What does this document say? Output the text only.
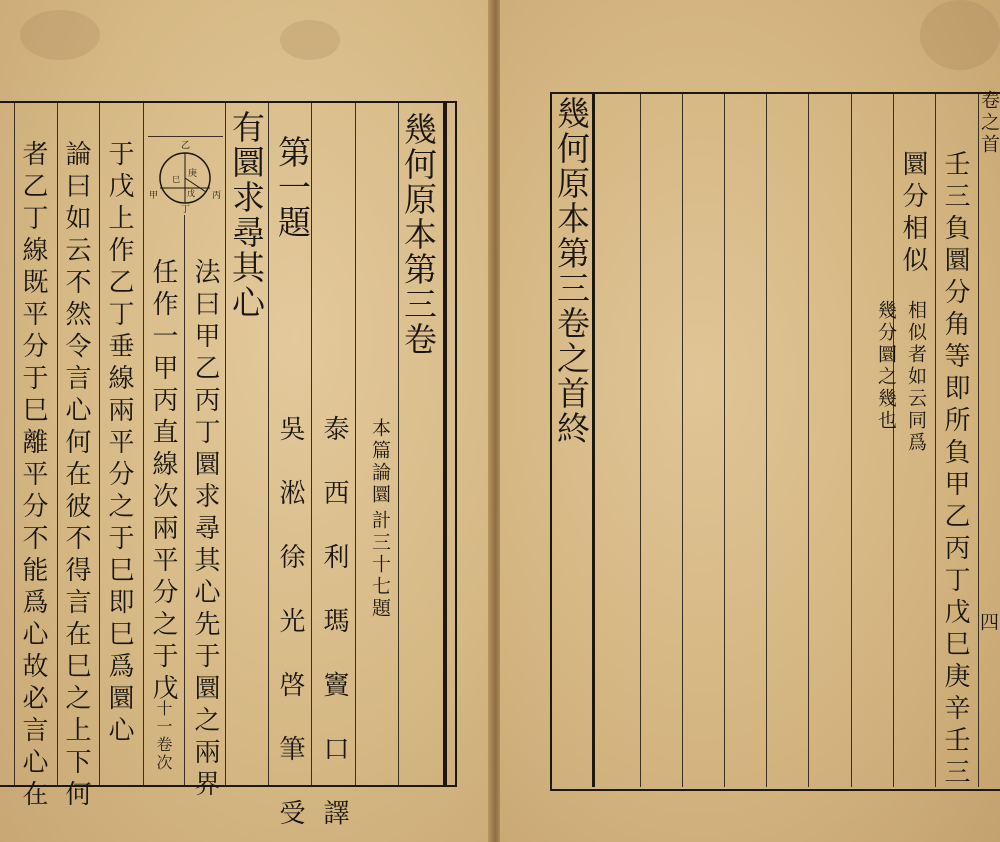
乙
甲	丙
丁
庚
戊
巳	幾何原本第三卷
本篇論圜
計三十七題
泰　西　利　瑪　竇　口　譯
吳　淞　徐　光　啓　筆　受
第一題
有圜求尋其心
法曰甲乙丙丁圜求尋其心先于圜之兩界
任作一甲丙直線次兩平分之于戊
十一卷次
于戊上作乙丁垂線兩平分之于巳即巳爲圜心
論曰如云不然令言心何在彼不得言在巳之上下何
者乙丁線既平分于巳離平分不能爲心故必言心在	幾何原本第三卷之首終	壬三負圜分角等即所負甲乙丙丁戊巳庚辛壬三
圜分相似
相似者如云同爲
幾分圜之幾也
卷之首
四
